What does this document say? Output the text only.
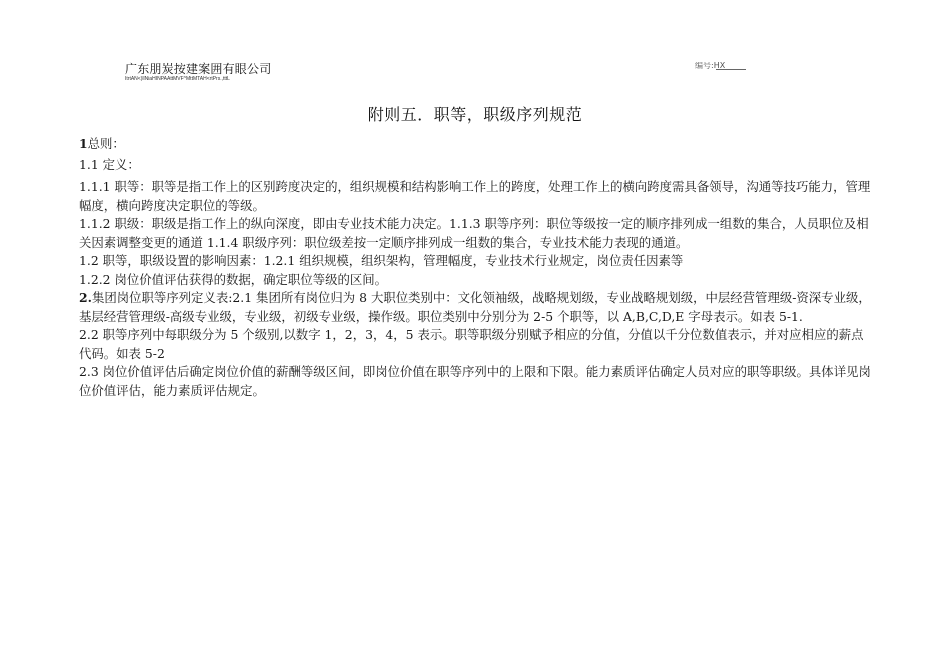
广东朋炭按建案囲有眼公司
ItrtAN<)llNiaHINPAAttMVF^MttMTAH<rtPrs.,tttL
编号:HX
附则五．职等，职级序列规范

1总则：

1.1 定义：

1.1.1 职等：职等是指工作上的区别跨度决定的，组织规模和结构影响工作上的跨度，处理工作上的横向跨度需具备领导，沟通等技巧能力，管理幅度，横向跨度决定职位的等级。

1.1.2 职级：职级是指工作上的纵向深度，即由专业技术能力决定。1.1.3 职等序列：职位等级按一定的顺序排列成一组数的集合，人员职位及相关因素调整变更的通道 1.1.4 职级序列：职位级差按一定顺序排列成一组数的集合，专业技术能力表现的通道。

1.2 职等，职级设置的影响因素：1.2.1 组织规模，组织架构，管理幅度，专业技术行业规定，岗位责任因素等

1.2.2 岗位价值评估获得的数据，确定职位等级的区间。

2.集团岗位职等序列定义表:2.1 集团所有岗位归为 8 大职位类别中：文化领袖级，战略规划级，专业战略规划级，中层经营管理级-资深专业级，基层经营管理级-高级专业级，专业级，初级专业级，操作级。职位类别中分别分为 2-5 个职等，以 A,B,C,D,E 字母表示。如表 5-1.

2.2 职等序列中每职级分为 5 个级别,以数字 1，2，3，4，5 表示。职等职级分别赋予相应的分值，分值以千分位数值表示，并对应相应的薪点代码。如表 5-2

2.3 岗位价值评估后确定岗位价值的薪酬等级区间，即岗位价值在职等序列中的上限和下限。能力素质评估确定人员对应的职等职级。具体详见岗位价值评估，能力素质评估规定。
